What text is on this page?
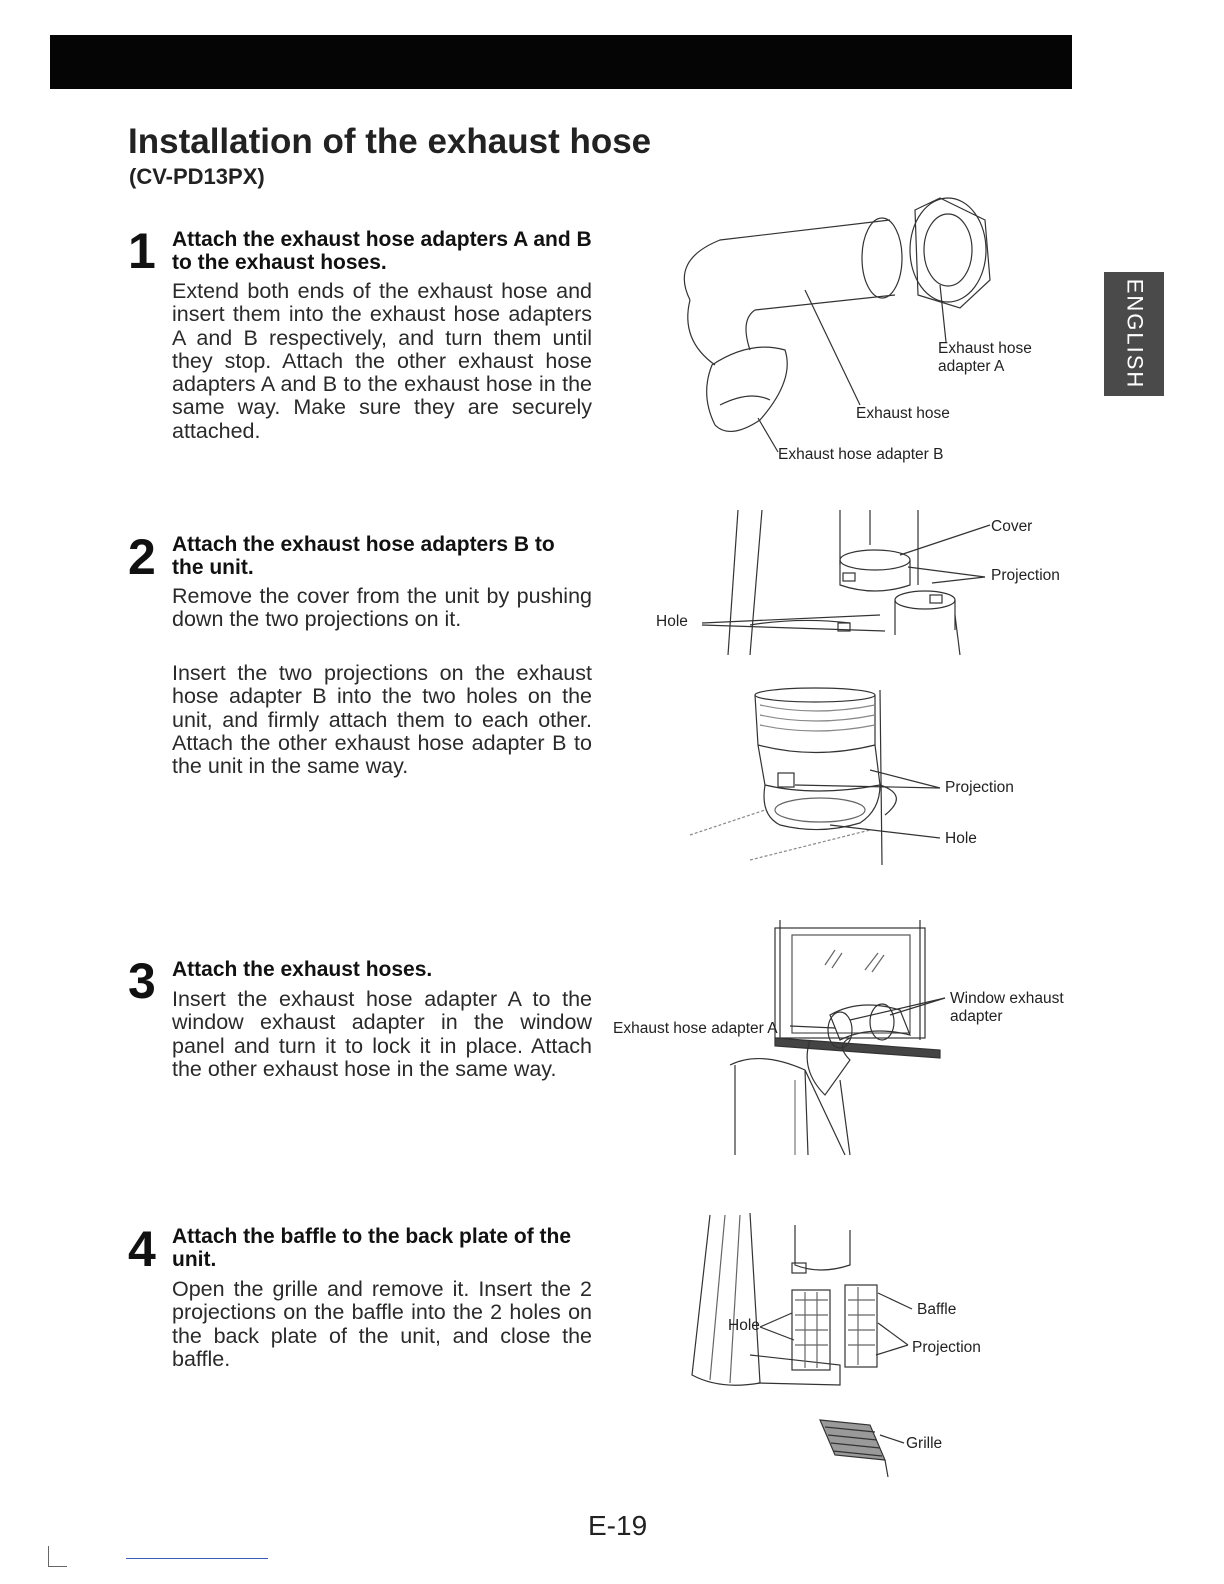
ENGLISH
Installation of the exhaust hose
(CV-PD13PX)
1 Attach the exhaust hose adapters A and B to the exhaust hoses.
Extend both ends of the exhaust hose and insert them into the exhaust hose adapters A and B respectively, and turn them until they stop. Attach the other exhaust hose adapters A and B to the exhaust hose in the same way. Make sure they are securely attached.
2 Attach the exhaust hose adapters B to the unit.
Remove the cover from the unit by pushing down the two projections on it.
Insert the two projections on the exhaust hose adapter B into the two holes on the unit, and firmly attach them to each other. Attach the other exhaust hose adapter B to the unit in the same way.
3 Attach the exhaust hoses.
Insert the exhaust hose adapter A to the window exhaust adapter in the window panel and turn it to lock it in place. Attach the other exhaust hose in the same way.
4 Attach the baffle to the back plate of the unit.
Open the grille and remove it. Insert the 2 projections on the baffle into the 2 holes on the back plate of the unit, and close the baffle.
Exhaust hose
adapter A
Exhaust hose
Exhaust hose adapter B
Cover
Projection
Hole
Projection
Hole
Window exhaust
adapter
Exhaust hose adapter A
Baffle
Projection
Hole
Grille
E-19
